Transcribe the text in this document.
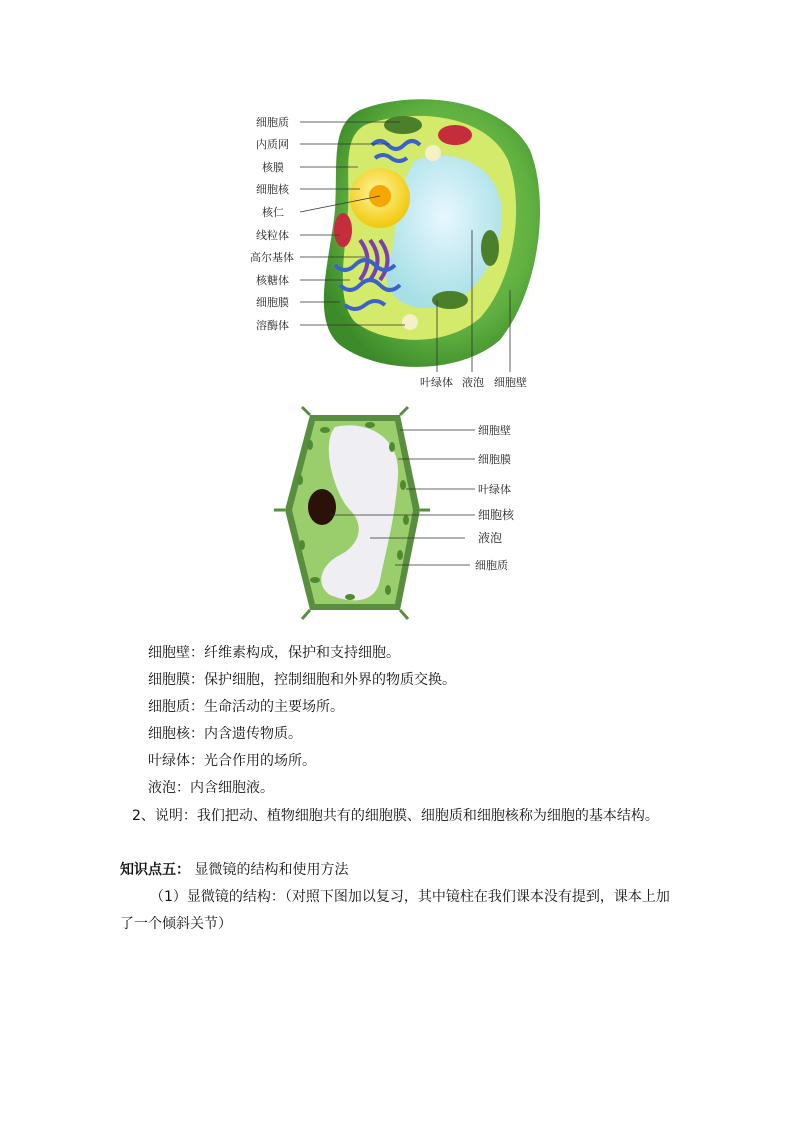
细胞质
内质网
核膜
细胞核
核仁
线粒体
高尔基体
核糖体
细胞膜
溶酶体
叶绿体 液泡 细胞壁
细胞壁
细胞膜
叶绿体
细胞核
液泡
细胞质
细胞壁：纤维素构成，保护和支持细胞。
细胞膜：保护细胞，控制细胞和外界的物质交换。
细胞质：生命活动的主要场所。
细胞核：内含遗传物质。
叶绿体：光合作用的场所。
液泡：内含细胞液。
2、说明：我们把动、植物细胞共有的细胞膜、细胞质和细胞核称为细胞的基本结构。
知识点五： 显微镜的结构和使用方法
（1）显微镜的结构：（对照下图加以复习，其中镜柱在我们课本没有提到，课本上加
了一个倾斜关节）
